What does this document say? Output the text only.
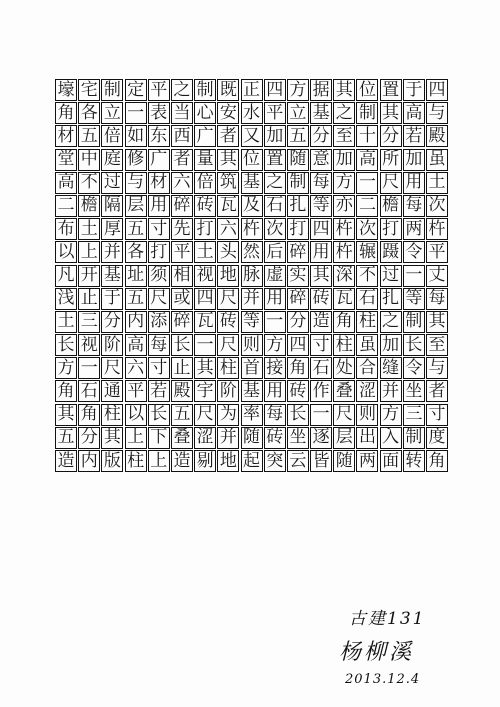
壕 宅 制 定 平 之 制 既 正 四 方 据 其 位 置 于 四
角 各 立 一 表 当 心 安 水 平 立 基 之 制 其 高 与
材 五 倍 如 东 西 广 者 又 加 五 分 至 十 分 若 殿
堂 中 庭 修 广 者 量 其 位 置 随 意 加 高 所 加 虽
高 不 过 与 材 六 倍 筑 基 之 制 每 方 一 尺 用 土
二 檐 隔 层 用 碎 砖 瓦 及 石 扎 等 亦 二 檐 每 次
布 土 厚 五 寸 先 打 六 杵 次 打 四 杵 次 打 两 杵
以 上 并 各 打 平 土 头 然 后 碎 用 杵 辗 蹑 令 平
凡 开 基 址 须 相 视 地 脉 虚 实 其 深 不 过 一 丈
浅 止 于 五 尺 或 四 尺 并 用 碎 砖 瓦 石 扎 等 每
土 三 分 内 添 碎 瓦 砖 等 一 分 造 角 柱 之 制 其
长 视 阶 高 每 长 一 尺 则 方 四 寸 柱 虽 加 长 至
方 一 尺 六 寸 止 其 柱 首 接 角 石 处 合 缝 令 与
角 石 通 平 若 殿 宇 阶 基 用 砖 作 叠 涩 并 坐 者
其 角 柱 以 长 五 尺 为 率 每 长 一 尺 则 方 三 寸
五 分 其 上 下 叠 涩 并 随 砖 坐 逐 层 出 入 制 度
造 内 版 柱 上 造 剔 地 起 突 云 皆 随 两 面 转 角
古建131
杨柳溪
2013.12.4
